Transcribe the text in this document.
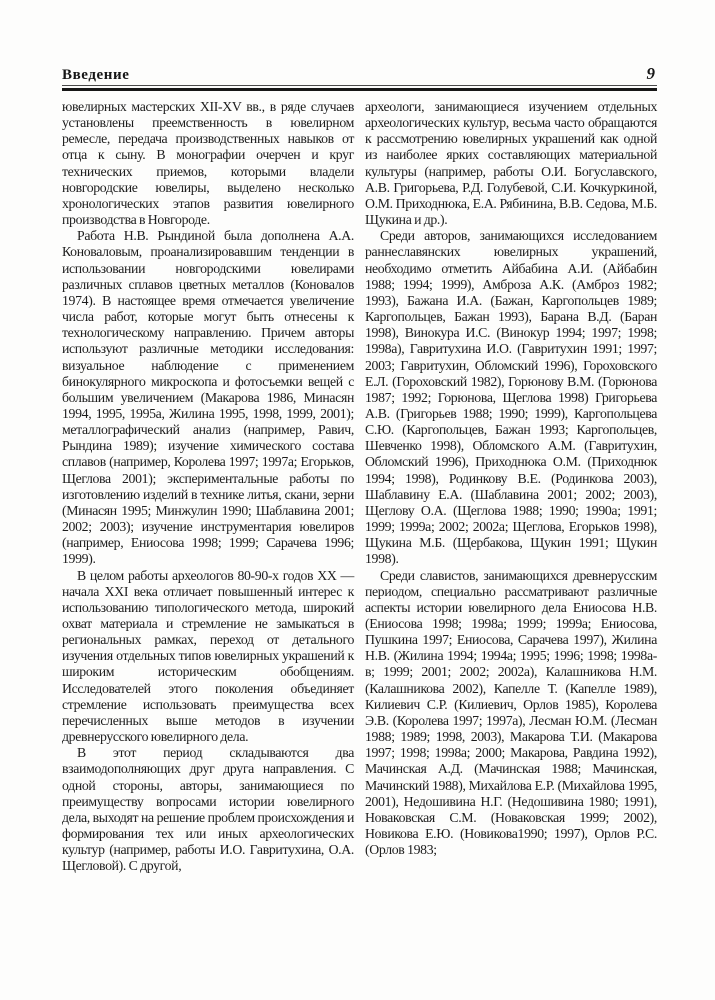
Введение	9

ювелирных мастерских XII-XV вв., в ряде случаев установлены преемственность в ювелирном ремесле, передача производственных навыков от отца к сыну. В монографии очерчен и круг технических приемов, которыми владели новгородские ювелиры, выделено несколько хронологических этапов развития ювелирного производства в Новгороде.

Работа Н.В. Рындиной была дополнена А.А. Коноваловым, проанализировавшим тенденции в использовании новгородскими ювелирами различных сплавов цветных металлов (Коновалов 1974). В настоящее время отмечается увеличение числа работ, которые могут быть отнесены к технологическому направлению. Причем авторы используют различные методики исследования: визуальное наблюдение с применением бинокулярного микроскопа и фотосъемки вещей с большим увеличением (Макарова 1986, Минасян 1994, 1995, 1995а, Жилина 1995, 1998, 1999, 2001); металлографический анализ (например, Равич, Рындина 1989); изучение химического состава сплавов (например, Королева 1997; 1997а; Егорьков, Щеглова 2001); экспериментальные работы по изготовлению изделий в технике литья, скани, зерни (Минасян 1995; Минжулин 1990; Шаблавина 2001; 2002; 2003); изучение инструментария ювелиров (например, Ениосова 1998; 1999; Сарачева 1996; 1999).

В целом работы археологов 80-90-х годов XX — начала XXI века отличает повышенный интерес к использованию типологического метода, широкий охват материала и стремление не замыкаться в региональных рамках, переход от детального изучения отдельных типов ювелирных украшений к широким историческим обобщениям. Исследователей этого поколения объединяет стремление использовать преимущества всех перечисленных выше методов в изучении древнерусского ювелирного дела.

В этот период складываются два взаимодополняющих друг друга направления. С одной стороны, авторы, занимающиеся по преимуществу вопросами истории ювелирного дела, выходят на решение проблем происхождения и формирования тех или иных археологических культур (например, работы И.О. Гавритухина, О.А. Щегловой). С другой,

археологи, занимающиеся изучением отдельных археологических культур, весьма часто обращаются к рассмотрению ювелирных украшений как одной из наиболее ярких составляющих материальной культуры (например, работы О.И. Богуславского, А.В. Григорьева, Р.Д. Голубевой, С.И. Кочкуркиной, О.М. Приходнюка, Е.А. Рябинина, В.В. Седова, М.Б. Щукина и др.).

Среди авторов, занимающихся исследованием раннеславянских ювелирных украшений, необходимо отметить Айбабина А.И. (Айбабин 1988; 1994; 1999), Амброза А.К. (Амброз 1982; 1993), Бажана И.А. (Бажан, Каргопольцев 1989; Каргопольцев, Бажан 1993), Барана В.Д. (Баран 1998), Винокура И.С. (Винокур 1994; 1997; 1998; 1998а), Гавритухина И.О. (Гавритухин 1991; 1997; 2003; Гавритухин, Обломский 1996), Гороховского Е.Л. (Гороховский 1982), Горюнову В.М. (Горюнова 1987; 1992; Горюнова, Щеглова 1998) Григорьева А.В. (Григорьев 1988; 1990; 1999), Каргопольцева С.Ю. (Каргопольцев, Бажан 1993; Каргопольцев, Шевченко 1998), Обломского А.М. (Гавритухин, Обломский 1996), Приходнюка О.М. (Приходнюк 1994; 1998), Родинкову В.Е. (Родинкова 2003), Шаблавину Е.А. (Шаблавина 2001; 2002; 2003), Щеглову О.А. (Щеглова 1988; 1990; 1990а; 1991; 1999; 1999а; 2002; 2002а; Щеглова, Егорьков 1998), Щукина М.Б. (Щербакова, Щукин 1991; Щукин 1998).

Среди славистов, занимающихся древнерусским периодом, специально рассматривают различные аспекты истории ювелирного дела Ениосова Н.В. (Ениосова 1998; 1998а; 1999; 1999а; Ениосова, Пушкина 1997; Ениосова, Сарачева 1997), Жилина Н.В. (Жилина 1994; 1994а; 1995; 1996; 1998; 1998а-в; 1999; 2001; 2002; 2002а), Калашникова Н.М. (Калашникова 2002), Капелле Т. (Капелле 1989), Килиевич С.Р. (Килиевич, Орлов 1985), Королева Э.В. (Королева 1997; 1997а), Лесман Ю.М. (Лесман 1988; 1989; 1998, 2003), Макарова Т.И. (Макарова 1997; 1998; 1998а; 2000; Макарова, Равдина 1992), Мачинская А.Д. (Мачинская 1988; Мачинская, Мачинский 1988), Михайлова Е.Р. (Михайлова 1995, 2001), Недошивина Н.Г. (Недошивина 1980; 1991), Новаковская С.М. (Новаковская 1999; 2002), Новикова Е.Ю. (Новикова1990; 1997), Орлов Р.С. (Орлов 1983;
